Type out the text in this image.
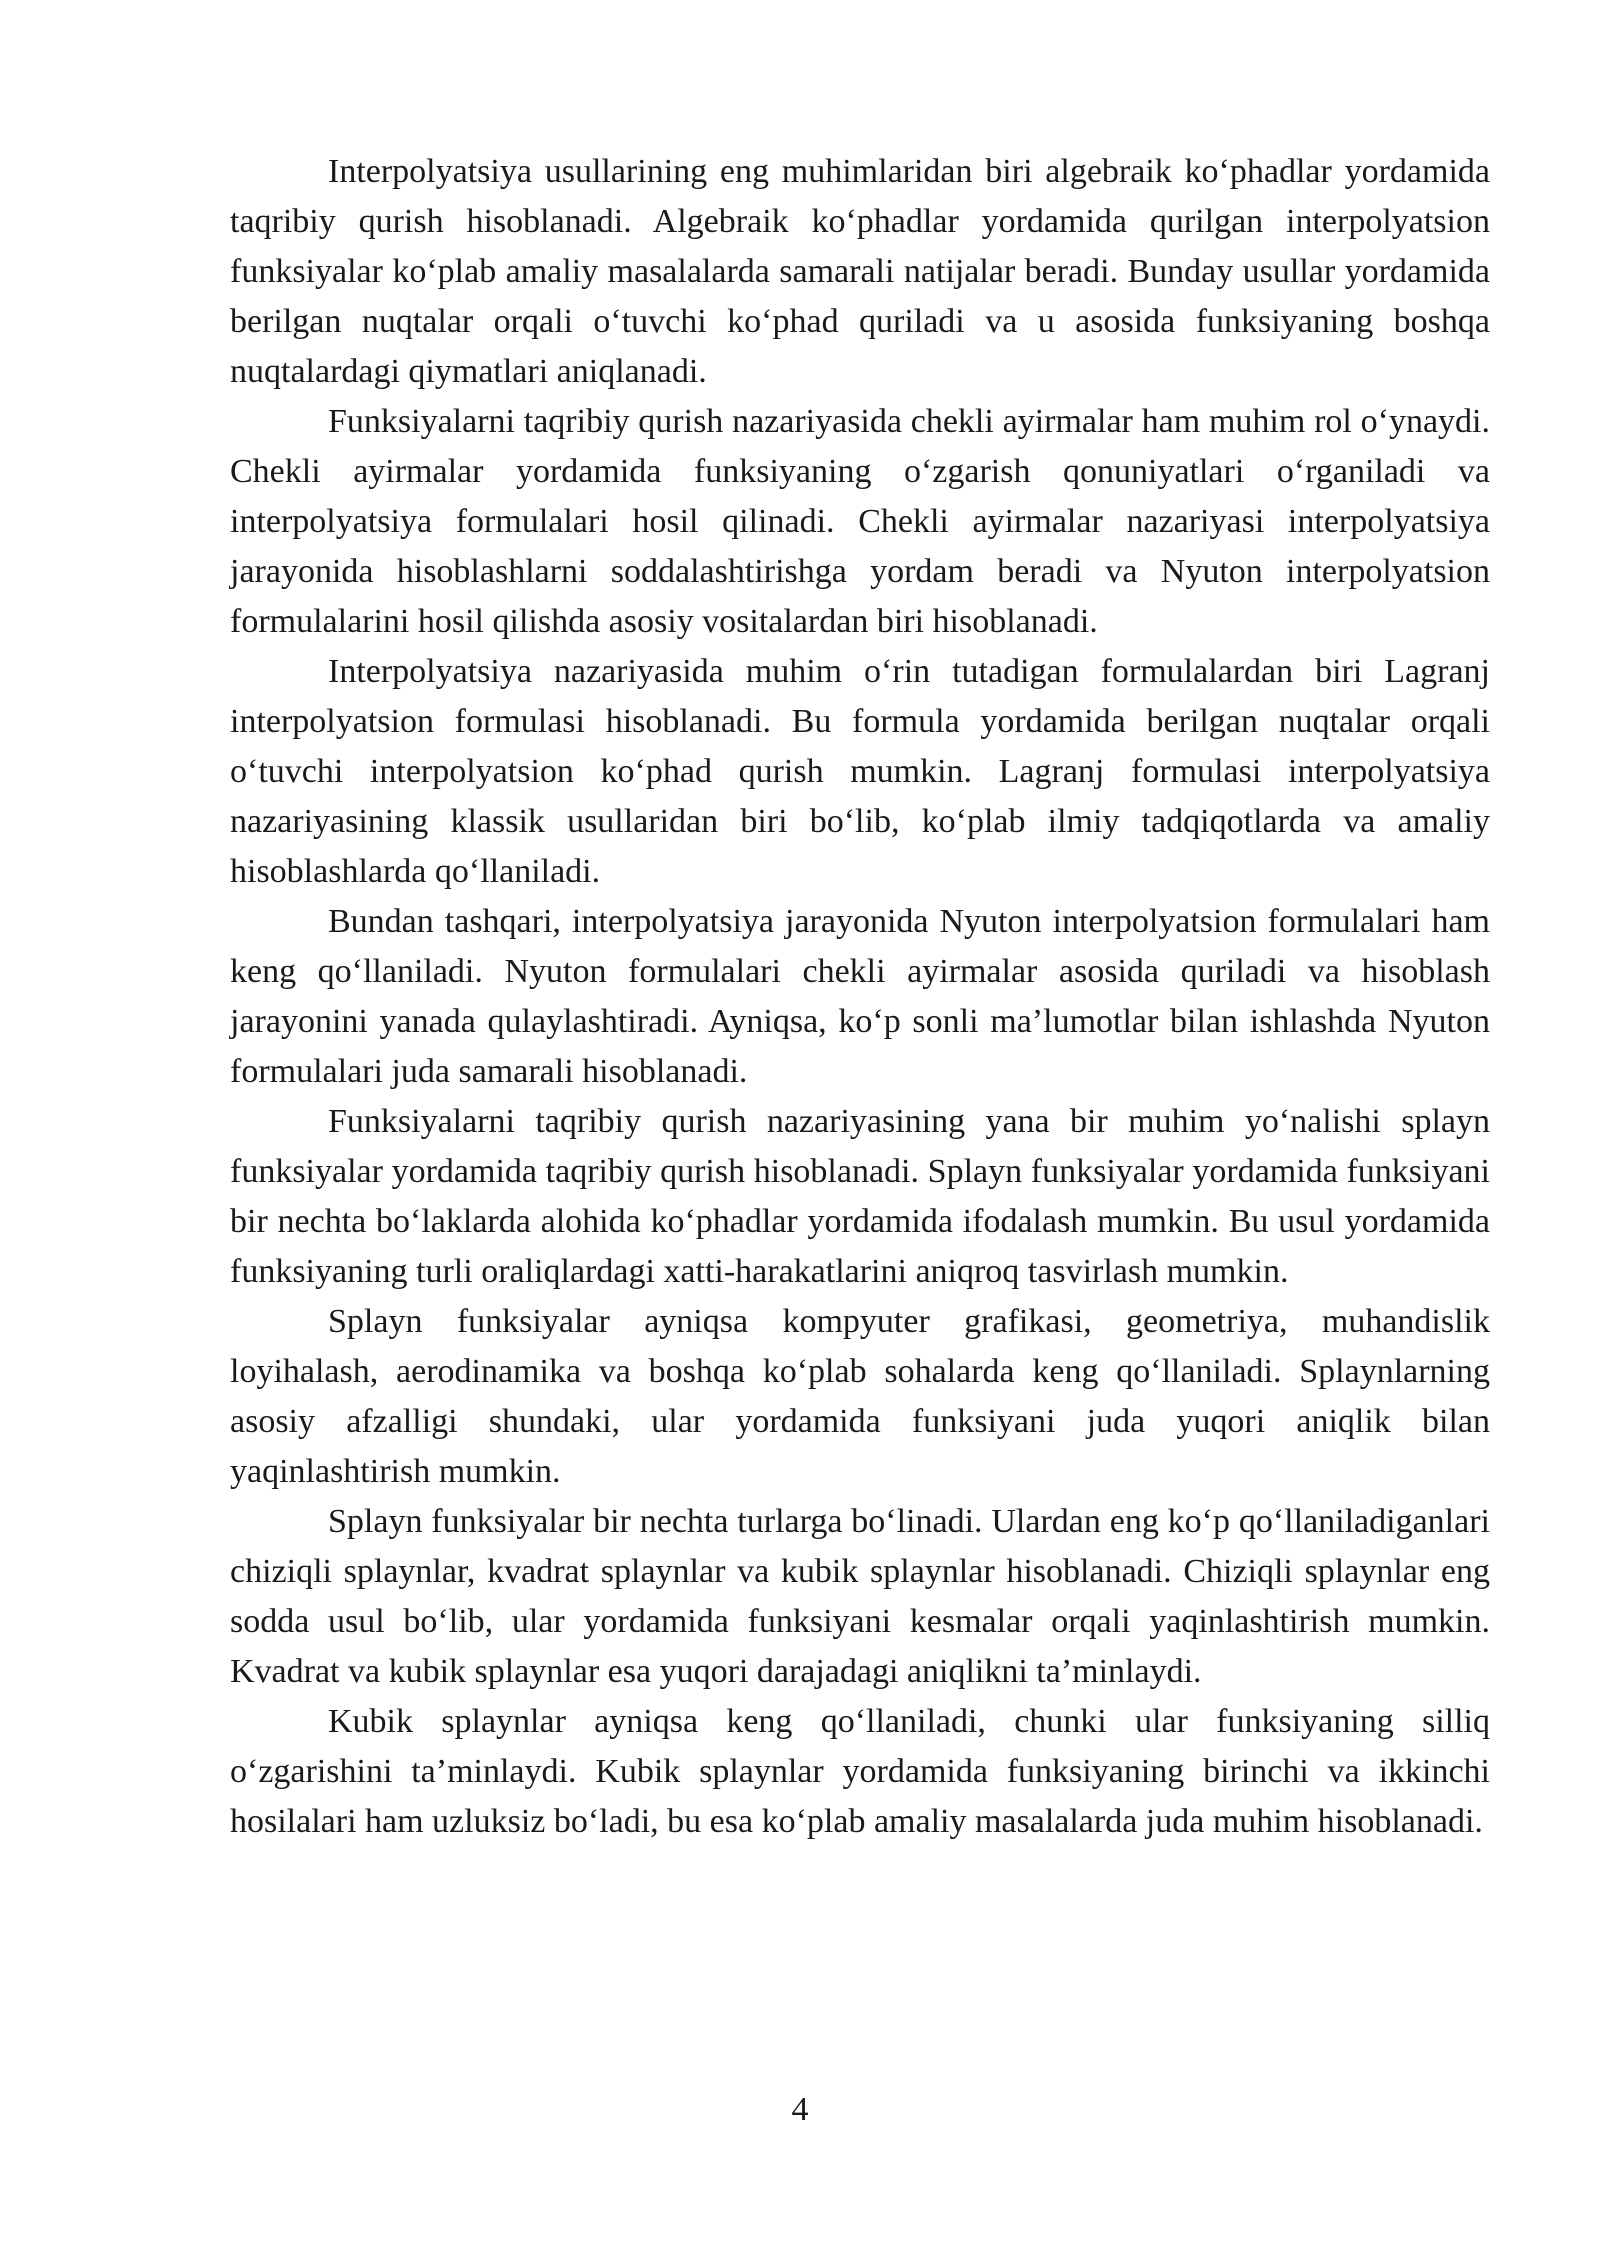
Interpolyatsiya usullarining eng muhimlaridan biri algebraik ko‘phadlar yordamida taqribiy qurish hisoblanadi. Algebraik ko‘phadlar yordamida qurilgan interpolyatsion funksiyalar ko‘plab amaliy masalalarda samarali natijalar beradi. Bunday usullar yordamida berilgan nuqtalar orqali o‘tuvchi ko‘phad quriladi va u asosida funksiyaning boshqa nuqtalardagi qiymatlari aniqlanadi.

Funksiyalarni taqribiy qurish nazariyasida chekli ayirmalar ham muhim rol o‘ynaydi. Chekli ayirmalar yordamida funksiyaning o‘zgarish qonuniyatlari o‘rganiladi va interpolyatsiya formulalari hosil qilinadi. Chekli ayirmalar nazariyasi interpolyatsiya jarayonida hisoblashlarni soddalashtirishga yordam beradi va Nyuton interpolyatsion formulalarini hosil qilishda asosiy vositalardan biri hisoblanadi.

Interpolyatsiya nazariyasida muhim o‘rin tutadigan formulalardan biri Lagranj interpolyatsion formulasi hisoblanadi. Bu formula yordamida berilgan nuqtalar orqali o‘tuvchi interpolyatsion ko‘phad qurish mumkin. Lagranj formulasi interpolyatsiya nazariyasining klassik usullaridan biri bo‘lib, ko‘plab ilmiy tadqiqotlarda va amaliy hisoblashlarda qo‘llaniladi.

Bundan tashqari, interpolyatsiya jarayonida Nyuton interpolyatsion formulalari ham keng qo‘llaniladi. Nyuton formulalari chekli ayirmalar asosida quriladi va hisoblash jarayonini yanada qulaylashtiradi. Ayniqsa, ko‘p sonli ma’lumotlar bilan ishlashda Nyuton formulalari juda samarali hisoblanadi.

Funksiyalarni taqribiy qurish nazariyasining yana bir muhim yo‘nalishi splayn funksiyalar yordamida taqribiy qurish hisoblanadi. Splayn funksiyalar yordamida funksiyani bir nechta bo‘laklarda alohida ko‘phadlar yordamida ifodalash mumkin. Bu usul yordamida funksiyaning turli oraliqlardagi xatti-harakatlarini aniqroq tasvirlash mumkin.

Splayn funksiyalar ayniqsa kompyuter grafikasi, geometriya, muhandislik loyihalash, aerodinamika va boshqa ko‘plab sohalarda keng qo‘llaniladi. Splaynlarning asosiy afzalligi shundaki, ular yordamida funksiyani juda yuqori aniqlik bilan yaqinlashtirish mumkin.

Splayn funksiyalar bir nechta turlarga bo‘linadi. Ulardan eng ko‘p qo‘llaniladiganlari chiziqli splaynlar, kvadrat splaynlar va kubik splaynlar hisoblanadi. Chiziqli splaynlar eng sodda usul bo‘lib, ular yordamida funksiyani kesmalar orqali yaqinlashtirish mumkin. Kvadrat va kubik splaynlar esa yuqori darajadagi aniqlikni ta’minlaydi.

Kubik splaynlar ayniqsa keng qo‘llaniladi, chunki ular funksiyaning silliq o‘zgarishini ta’minlaydi. Kubik splaynlar yordamida funksiyaning birinchi va ikkinchi hosilalari ham uzluksiz bo‘ladi, bu esa ko‘plab amaliy masalalarda juda muhim hisoblanadi.

4
